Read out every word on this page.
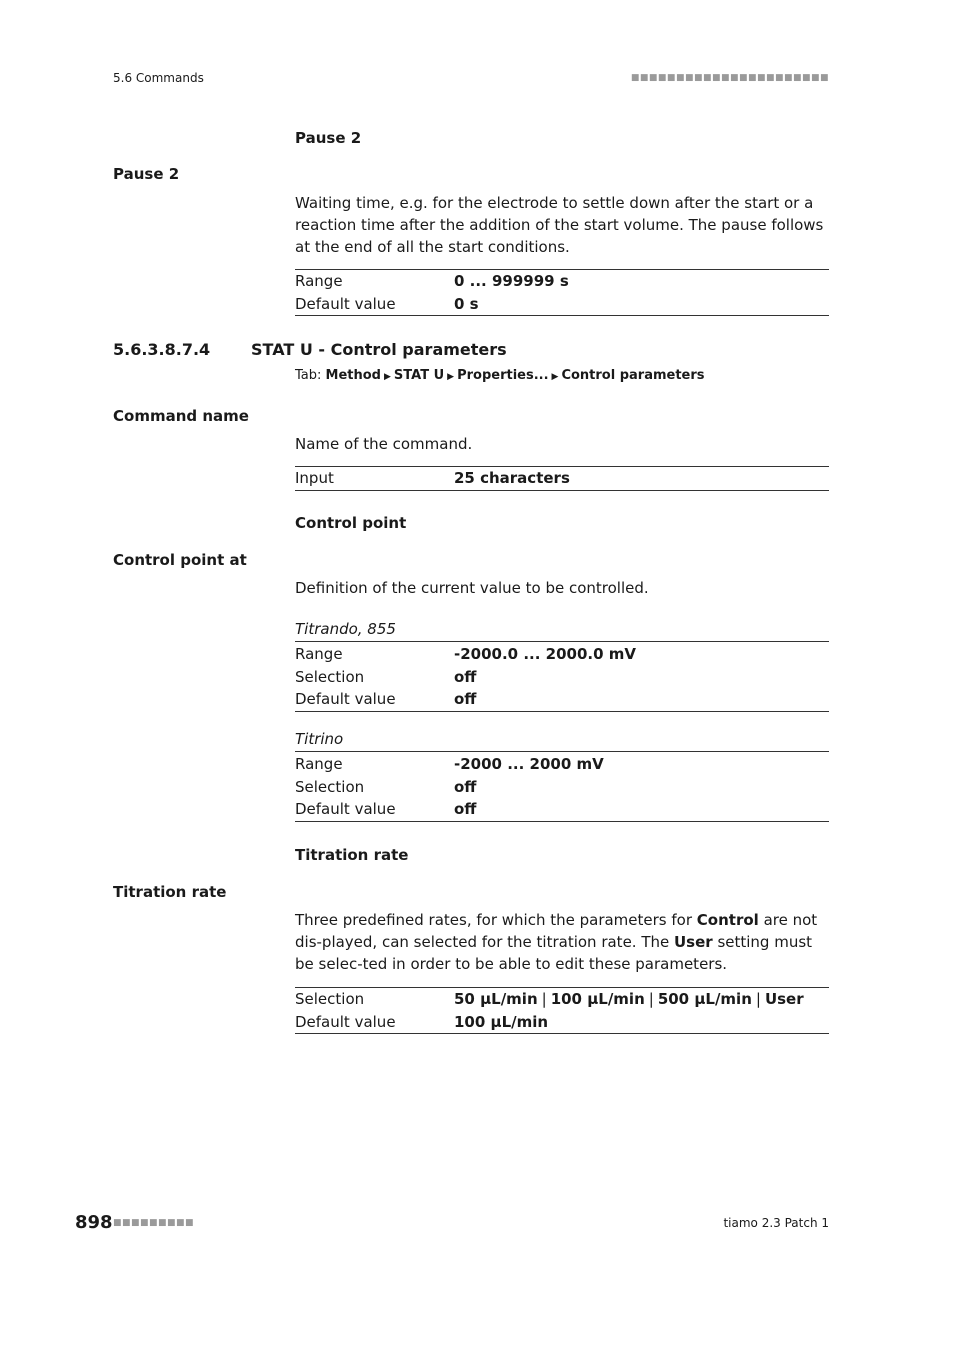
5.6 Commands	■■■■■■■■■■■■■■■■■■■■■■
Pause 2
Pause 2
Waiting time, e.g. for the electrode to settle down after the start or a reaction time after the addition of the start volume. The pause follows at the end of all the start conditions.
Range	0 ... 999999 s
Default value	0 s
5.6.3.8.7.4	STAT U - Control parameters
Tab: Method ▶ STAT U ▶ Properties... ▶ Control parameters
Command name
Name of the command.
Input	25 characters
Control point
Control point at
Definition of the current value to be controlled.
Titrando, 855
Range	-2000.0 ... 2000.0 mV
Selection	off
Default value	off
Titrino
Range	-2000 ... 2000 mV
Selection	off
Default value	off
Titration rate
Titration rate
Three predefined rates, for which the parameters for Control are not dis-played, can selected for the titration rate. The User setting must be selec-ted in order to be able to edit these parameters.
Selection	50 µL/min | 100 µL/min | 500 µL/min | User
Default value	100 µL/min
898 ■■■■■■■■■	tiamo 2.3 Patch 1
